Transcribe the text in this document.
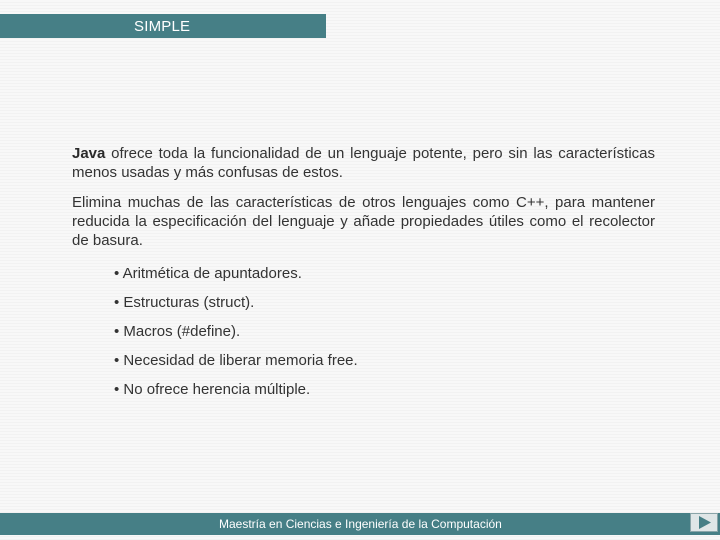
SIMPLE

Java ofrece toda la funcionalidad de un lenguaje potente, pero sin las características menos usadas y más confusas de estos.

Elimina muchas de las características de otros lenguajes como C++, para mantener reducida la especificación del lenguaje y añade propiedades útiles como el recolector de basura.

• Aritmética de apuntadores.
• Estructuras (struct).
• Macros (#define).
• Necesidad de liberar memoria free.
• No ofrece herencia múltiple.
Maestría en Ciencias e Ingeniería de la Computación
